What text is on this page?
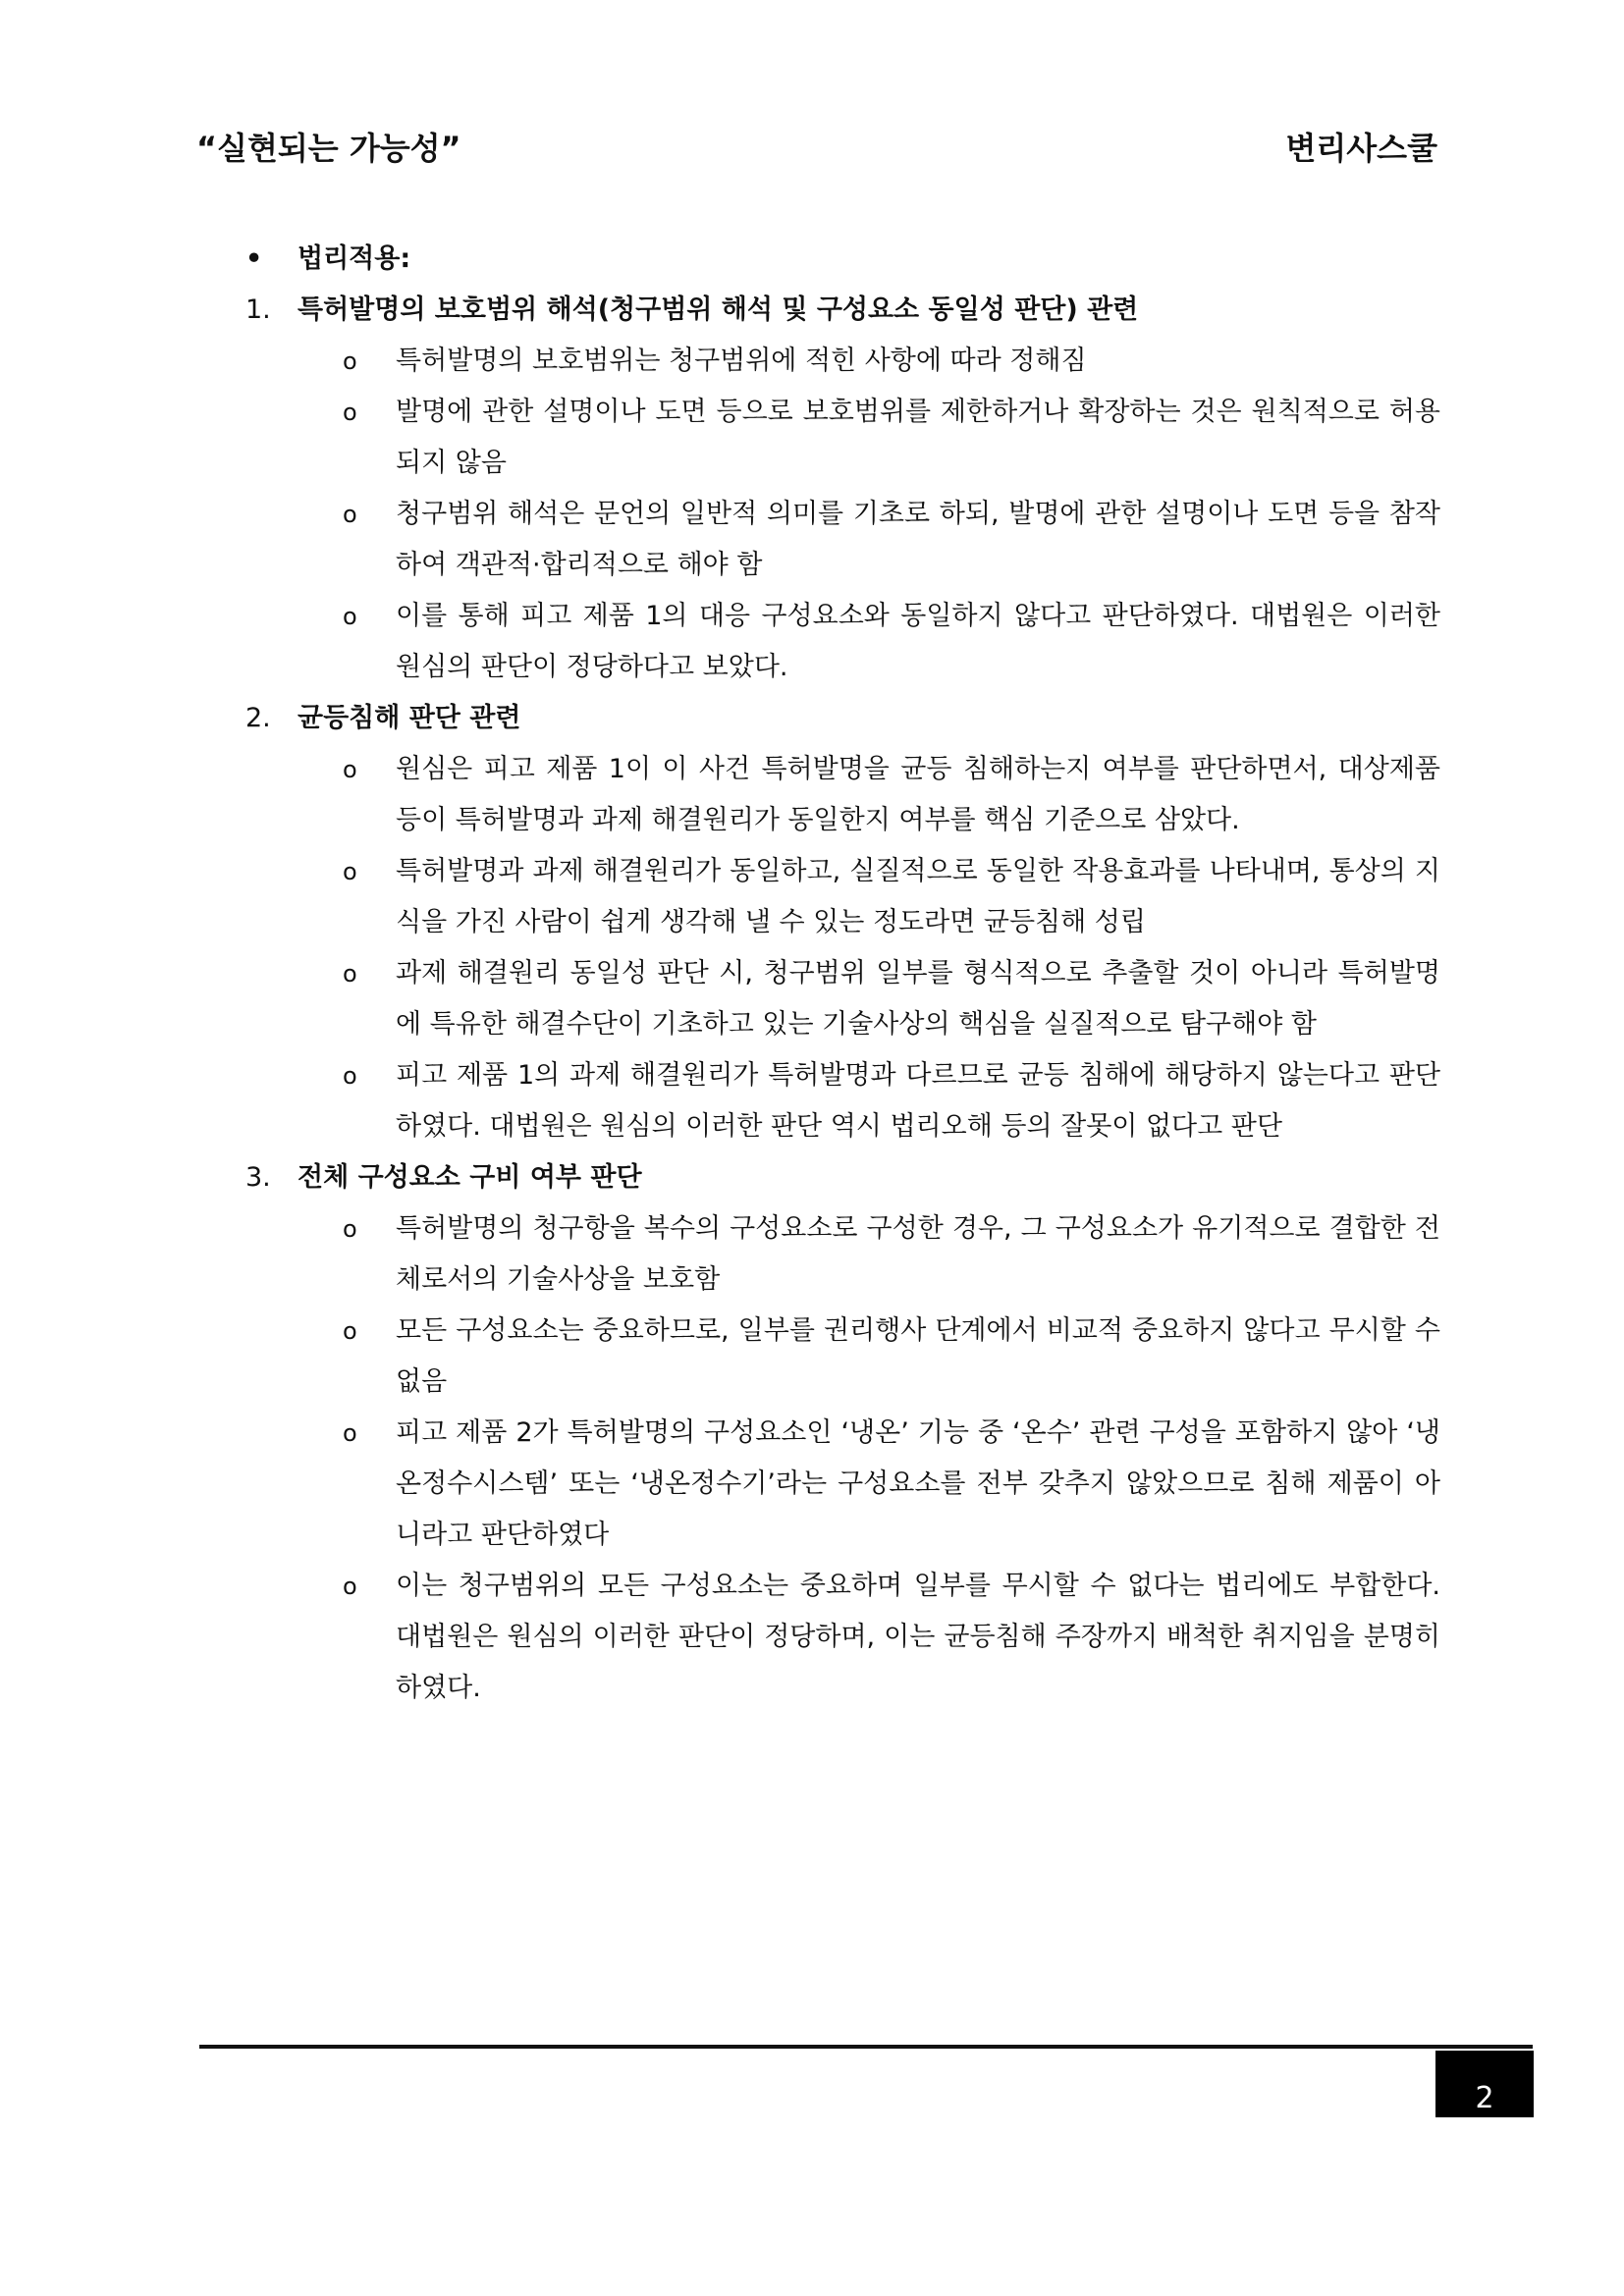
“실현되는 가능성”	변리사스쿨
• 법리적용:
1. 특허발명의 보호범위 해석(청구범위 해석 및 구성요소 동일성 판단) 관련
o 특허발명의 보호범위는 청구범위에 적힌 사항에 따라 정해짐
o 발명에 관한 설명이나 도면 등으로 보호범위를 제한하거나 확장하는 것은 원칙적으로 허용되지 않음
o 청구범위 해석은 문언의 일반적 의미를 기초로 하되, 발명에 관한 설명이나 도면 등을 참작하여 객관적·합리적으로 해야 함
o 이를 통해 피고 제품 1의 대응 구성요소와 동일하지 않다고 판단하였다. 대법원은 이러한 원심의 판단이 정당하다고 보았다.
2. 균등침해 판단 관련
o 원심은 피고 제품 1이 이 사건 특허발명을 균등 침해하는지 여부를 판단하면서, 대상제품 등이 특허발명과 과제 해결원리가 동일한지 여부를 핵심 기준으로 삼았다.
o 특허발명과 과제 해결원리가 동일하고, 실질적으로 동일한 작용효과를 나타내며, 통상의 지식을 가진 사람이 쉽게 생각해 낼 수 있는 정도라면 균등침해 성립
o 과제 해결원리 동일성 판단 시, 청구범위 일부를 형식적으로 추출할 것이 아니라 특허발명에 특유한 해결수단이 기초하고 있는 기술사상의 핵심을 실질적으로 탐구해야 함
o 피고 제품 1의 과제 해결원리가 특허발명과 다르므로 균등 침해에 해당하지 않는다고 판단하였다. 대법원은 원심의 이러한 판단 역시 법리오해 등의 잘못이 없다고 판단
3. 전체 구성요소 구비 여부 판단
o 특허발명의 청구항을 복수의 구성요소로 구성한 경우, 그 구성요소가 유기적으로 결합한 전체로서의 기술사상을 보호함
o 모든 구성요소는 중요하므로, 일부를 권리행사 단계에서 비교적 중요하지 않다고 무시할 수 없음
o 피고 제품 2가 특허발명의 구성요소인 ‘냉온’ 기능 중 ‘온수’ 관련 구성을 포함하지 않아 ‘냉온정수시스템’ 또는 ‘냉온정수기’라는 구성요소를 전부 갖추지 않았으므로 침해 제품이 아니라고 판단하였다
o 이는 청구범위의 모든 구성요소는 중요하며 일부를 무시할 수 없다는 법리에도 부합한다. 대법원은 원심의 이러한 판단이 정당하며, 이는 균등침해 주장까지 배척한 취지임을 분명히 하였다.
2
